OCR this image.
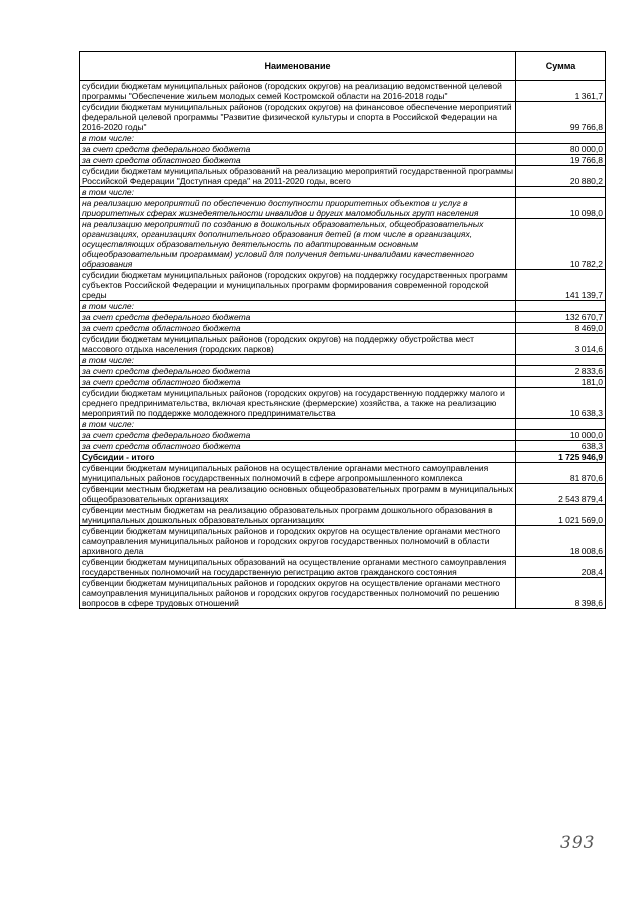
Наименование	Сумма
субсидии бюджетам муниципальных районов (городских округов) на реализацию ведомственной целевой программы "Обеспечение жильем молодых семей Костромской области на 2016-2018 годы"	1 361,7
субсидии бюджетам муниципальных районов (городских округов) на финансовое обеспечение мероприятий федеральной целевой программы "Развитие физической культуры и спорта в Российской Федерации на 2016-2020 годы"	99 766,8
в том числе:	
за счет средств федерального бюджета	80 000,0
за счет средств областного бюджета	19 766,8
субсидии бюджетам муниципальных образований на реализацию мероприятий государственной программы Российской Федерации "Доступная среда" на 2011-2020 годы, всего	20 880,2
в том числе:	
на реализацию мероприятий по обеспечению доступности приоритетных объектов и услуг в приоритетных сферах жизнедеятельности инвалидов и других маломобильных групп населения	10 098,0
на реализацию мероприятий по созданию в дошкольных образовательных, общеобразовательных организациях, организациях дополнительного образования детей (в том числе в организациях, осуществляющих образовательную деятельность по адаптированным основным общеобразовательным программам) условий для получения детьми-инвалидами качественного образования	10 782,2
субсидии бюджетам муниципальных районов (городских округов) на поддержку государственных программ субъектов Российской Федерации и муниципальных программ формирования современной городской среды	141 139,7
в том числе:	
за счет средств федерального бюджета	132 670,7
за счет средств областного бюджета	8 469,0
субсидии бюджетам муниципальных районов (городских округов) на поддержку обустройства мест массового отдыха населения (городских парков)	3 014,6
в том числе:	
за счет средств федерального бюджета	2 833,6
за счет средств областного бюджета	181,0
субсидии бюджетам муниципальных районов (городских округов) на государственную поддержку малого и среднего предпринимательства, включая крестьянские (фермерские) хозяйства, а также на реализацию мероприятий по поддержке молодежного предпринимательства	10 638,3
в том числе:	
за счет средств федерального бюджета	10 000,0
за счет средств областного бюджета	638,3
Субсидии - итого	1 725 946,9
субвенции бюджетам муниципальных районов на осуществление органами местного самоуправления муниципальных районов государственных полномочий в сфере агропромышленного комплекса	81 870,6
субвенции местным бюджетам на реализацию основных общеобразовательных программ в муниципальных общеобразовательных организациях	2 543 879,4
субвенции местным бюджетам на реализацию образовательных программ дошкольного образования в муниципальных дошкольных образовательных организациях	1 021 569,0
субвенции бюджетам муниципальных районов и городских округов на осуществление органами местного самоуправления муниципальных районов и городских округов государственных полномочий в области архивного дела	18 008,6
субвенции бюджетам муниципальных образований на осуществление органами местного самоуправления государственных полномочий на государственную регистрацию актов гражданского состояния	208,4
субвенции бюджетам муниципальных районов и городских округов на осуществление органами местного самоуправления муниципальных районов и городских округов государственных полномочий по решению вопросов в сфере трудовых отношений	8 398,6
393
